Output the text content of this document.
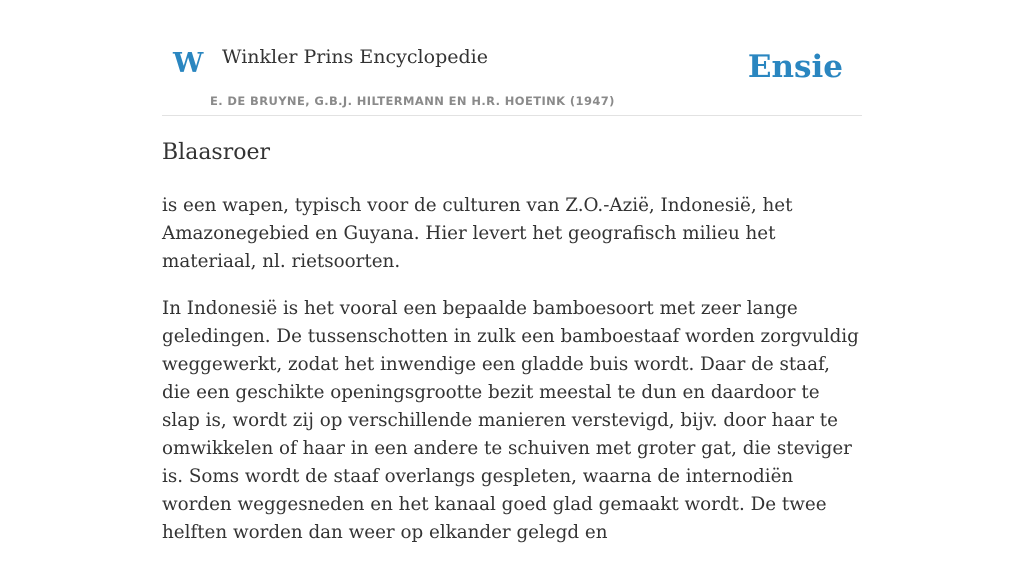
W Winkler Prins Encyclopedie
E. DE BRUYNE, G.B.J. HILTERMANN EN H.R. HOETINK (1947)
Ensie
Blaasroer

is een wapen, typisch voor de culturen van Z.O.-Azië, Indonesië, het Amazonegebied en Guyana. Hier levert het geografisch milieu het materiaal, nl. rietsoorten.

In Indonesië is het vooral een bepaalde bamboesoort met zeer lange geledingen. De tussenschotten in zulk een bamboestaaf worden zorgvuldig weggewerkt, zodat het inwendige een gladde buis wordt. Daar de staaf, die een geschikte openingsgrootte bezit meestal te dun en daardoor te slap is, wordt zij op verschillende manieren verstevigd, bijv. door haar te omwikkelen of haar in een andere te schuiven met groter gat, die steviger is. Soms wordt de staaf overlangs gespleten, waarna de internodiën worden weggesneden en het kanaal goed glad gemaakt wordt. De twee helften worden dan weer op elkander gelegd en
